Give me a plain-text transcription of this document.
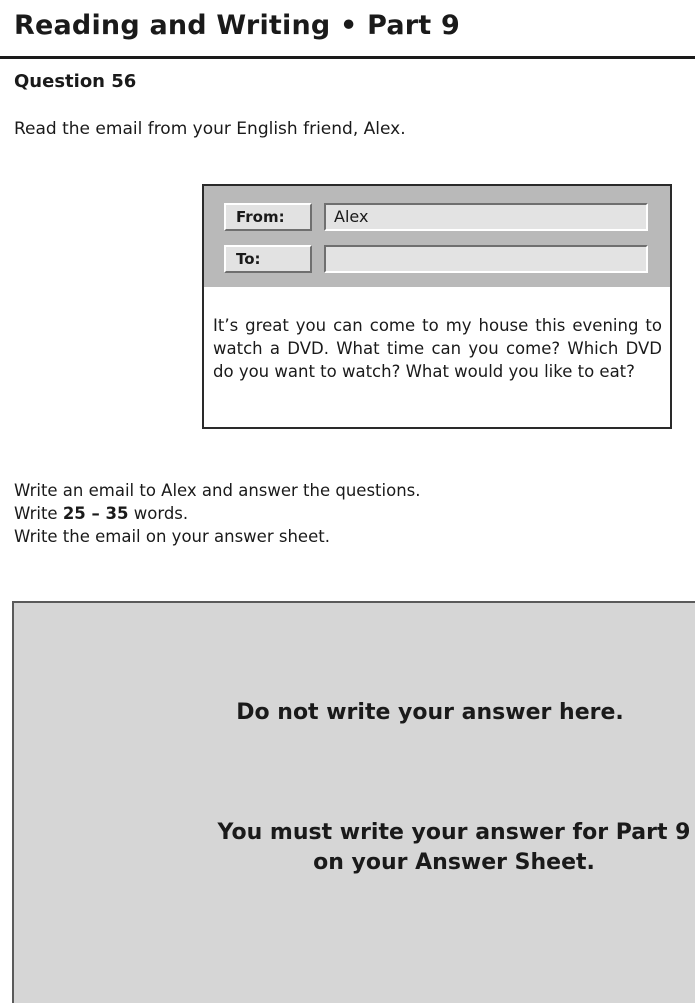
Reading and Writing • Part 9
Question 56
Read the email from your English friend, Alex.
From:	Alex
To:
It’s great you can come to my house this evening to watch a DVD. What time can you come? Which DVD do you want to watch? What would you like to eat?
Write an email to Alex and answer the questions.
Write 25 – 35 words.
Write the email on your answer sheet.
Do not write your answer here.
You must write your answer for Part 9
on your Answer Sheet.
